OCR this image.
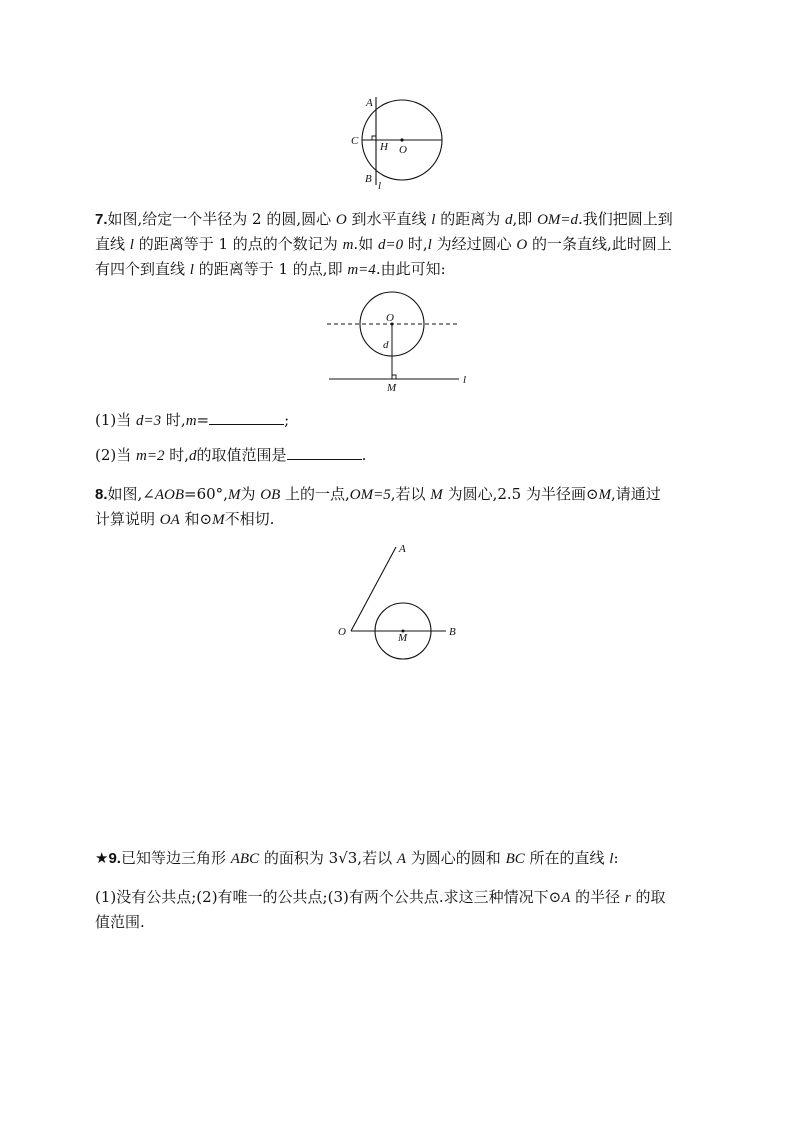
A
C H O
B
l
7.如图,给定一个半径为 2 的圆,圆心 O 到水平直线 l 的距离为 d,即 OM=d.我们把圆上到
直线 l 的距离等于 1 的点的个数记为 m.如 d=0 时,l 为经过圆心 O 的一条直线,此时圆上
有四个到直线 l 的距离等于 1 的点,即 m=4.由此可知:
O
d
M
l
(1)当 d=3 时,m=	;
(2)当 m=2 时,d的取值范围是	.
8.如图,∠AOB=60°,M为 OB 上的一点,OM=5,若以 M 为圆心,2.5 为半径画⊙M,请通过
计算说明 OA 和⊙M不相切.
A
O	M	B
★9.已知等边三角形 ABC 的面积为 3√3,若以 A 为圆心的圆和 BC 所在的直线 l:
(1)没有公共点;(2)有唯一的公共点;(3)有两个公共点.求这三种情况下⊙A 的半径 r 的取
值范围.
